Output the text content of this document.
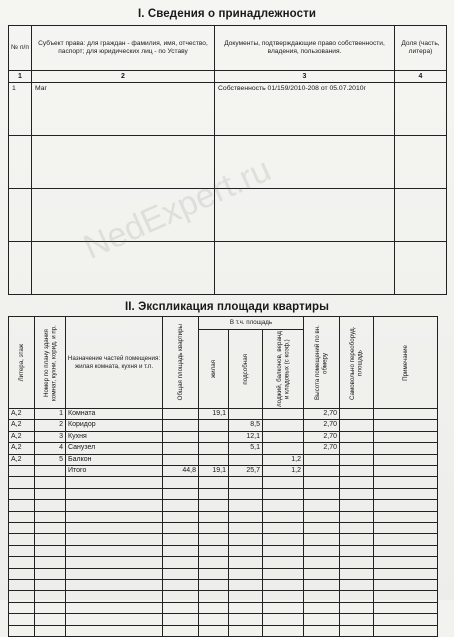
I. Сведения о принадлежности
№ п/п	Субъект права: для граждан - фамилия, имя, отчество, паспорт; для юридических лиц - по Уставу	Документы, подтверждающие право собственности, владения, пользования.	Доля (часть, литера)
1	2	3	4
1	Маг	Собственность 01/159/2010-208 от 05.07.2010г	

II. Экспликация площади квартиры
Литера, этаж	Номер по плану здания комнат, кухни, корид. и пр.	Назначение частей помещения: жилая комната, кухня и т.п.	Общая площадь квартиры	В т.ч. площадь			Высота помещений по вн. обмеру	Самовольно переоборуд. площадь	Примечание

				жилая	подсобная	лоджий, балконов, веранд и кладовых (с коэф.)			

А,2	1	Комната		19,1			2,70		
А,2	2	Коридор			8,5		2,70		
А,2	3	Кухня			12,1		2,70		
А,2	4	Санузел			5,1		2,70		
А,2	5	Балкон				1,2			
		Итого	44,8	19,1	25,7	1,2			

NedExpert.ru
